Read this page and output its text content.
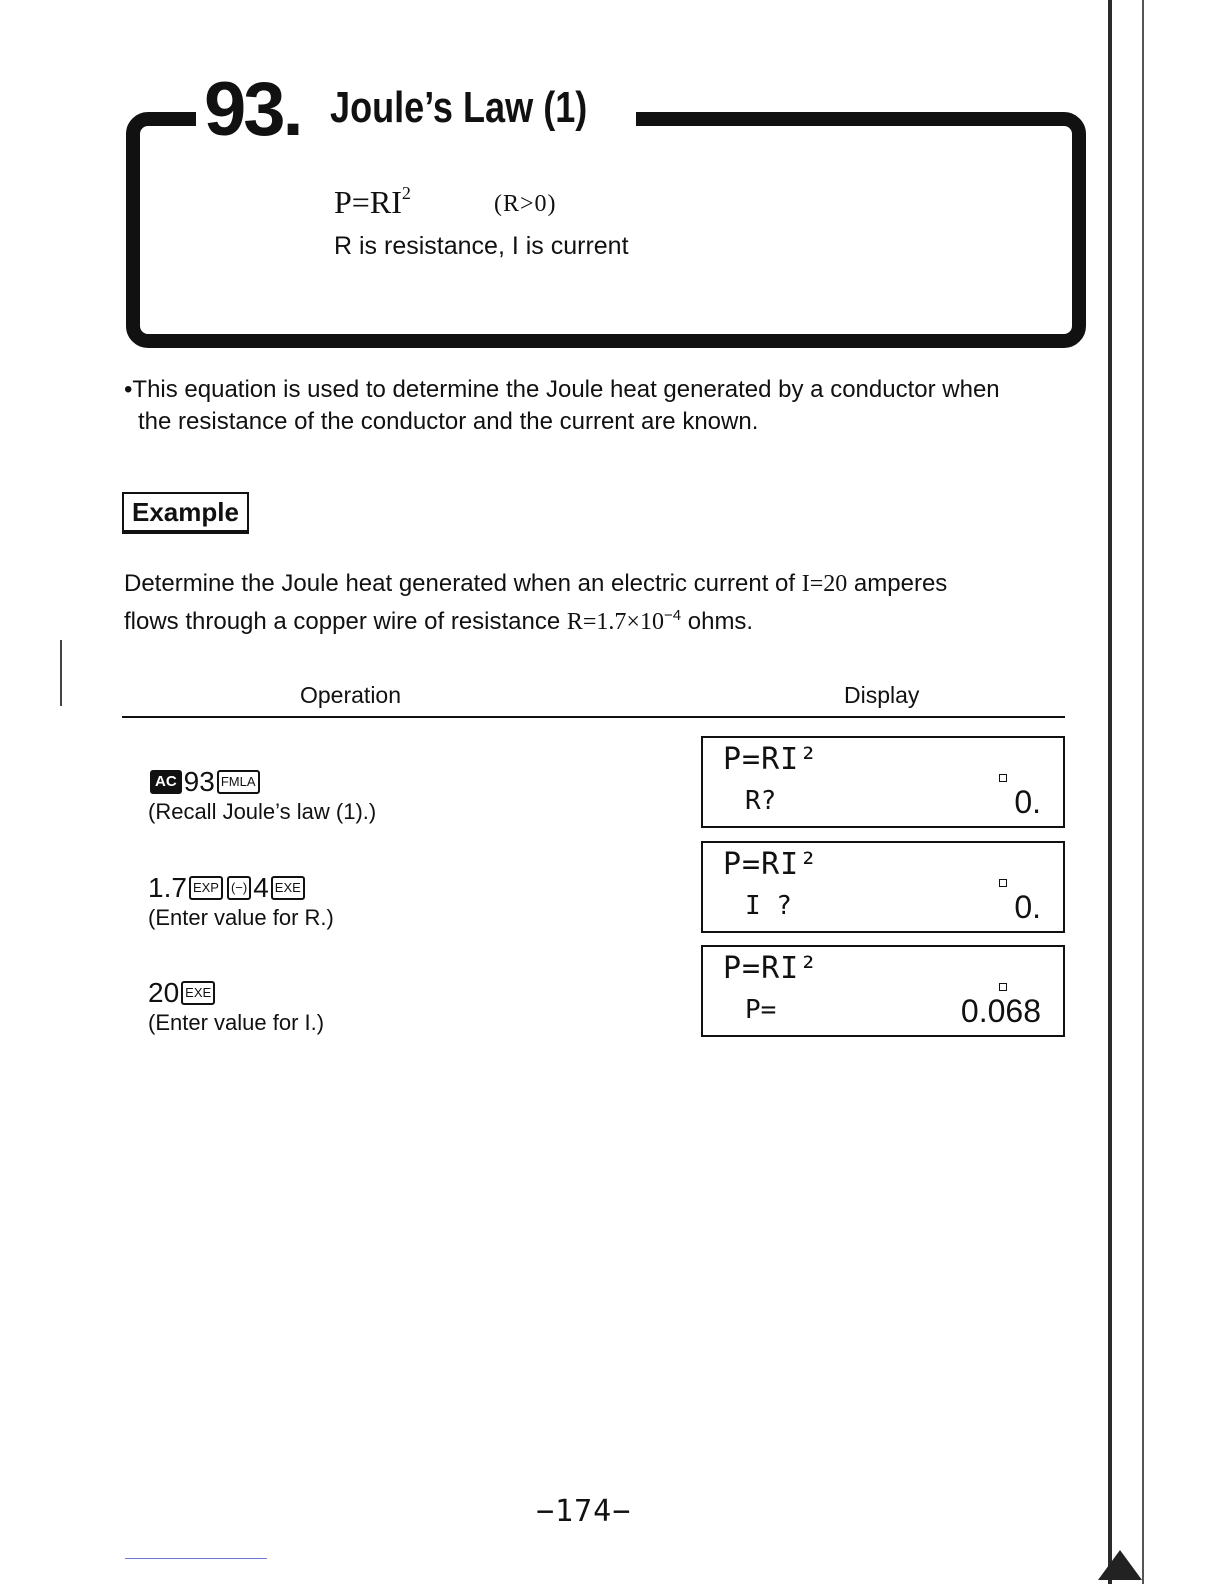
93. Joule’s Law (1)
$P=RI^2$	(R>0)
R is resistance, I is current
•This equation is used to determine the Joule heat generated by a conductor when
the resistance of the conductor and the current are known.
Example
Determine the Joule heat generated when an electric current of I=20 amperes
flows through a copper wire of resistance $R=1.7\times 10^{-4}$ ohms.
Operation	Display
AC 93 FMLA
(Recall Joule’s law (1).)
P=RI²
R?	0.
1.7 EXP (−) 4 EXE
(Enter value for R.)
P=RI²
I ?	0.
20 EXE
(Enter value for I.)
P=RI²
P=	0.068
−174−
